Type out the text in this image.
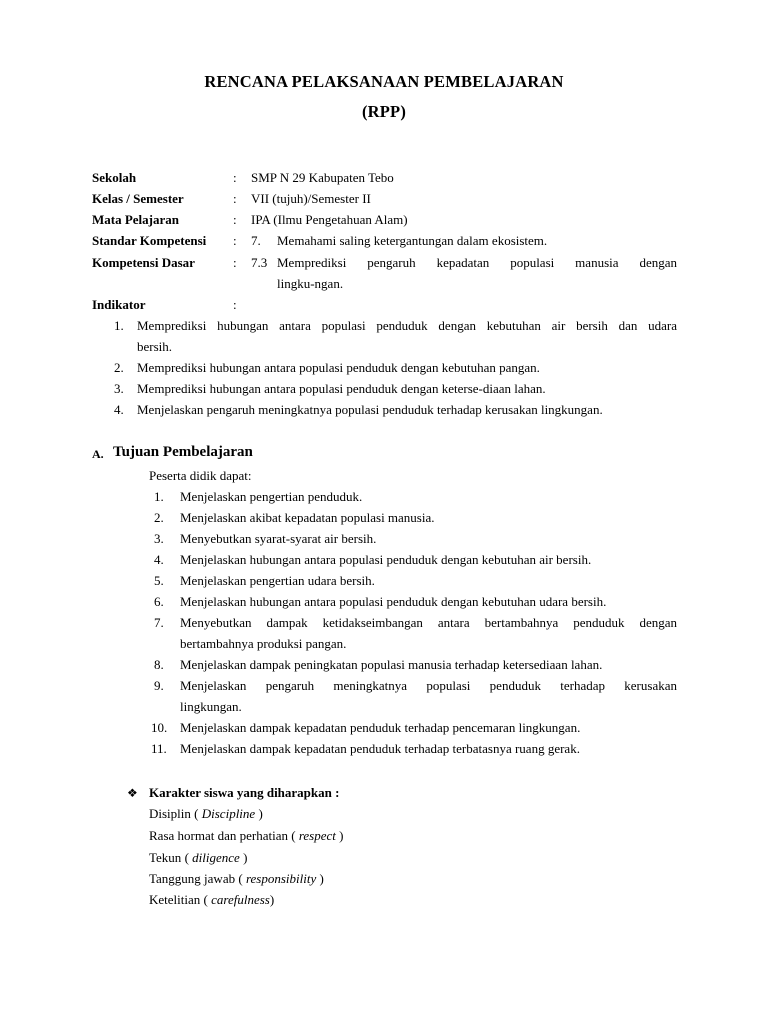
RENCANA PELAKSANAAN PEMBELAJARAN
(RPP)
Sekolah	: SMP N 29 Kabupaten Tebo
Kelas / Semester	: VII (tujuh)/Semester II
Mata Pelajaran	: IPA (Ilmu Pengetahuan Alam)
Standar Kompetensi : 7. Memahami saling ketergantungan dalam ekosistem.
Kompetensi Dasar	: 7.3 Memprediksi pengaruh kepadatan populasi manusia dengan
lingku-ngan.
Indikator	:
1. Memprediksi hubungan antara populasi penduduk dengan kebutuhan air bersih dan udara
bersih.
2. Memprediksi hubungan antara populasi penduduk dengan kebutuhan pangan.
3. Memprediksi hubungan antara populasi penduduk dengan keterse-diaan lahan.
4. Menjelaskan pengaruh meningkatnya populasi penduduk terhadap kerusakan lingkungan.
A. Tujuan Pembelajaran
Peserta didik dapat:
1. Menjelaskan pengertian penduduk.
2. Menjelaskan akibat kepadatan populasi manusia.
3. Menyebutkan syarat-syarat air bersih.
4. Menjelaskan hubungan antara populasi penduduk dengan kebutuhan air bersih.
5. Menjelaskan pengertian udara bersih.
6. Menjelaskan hubungan antara populasi penduduk dengan kebutuhan udara bersih.
7. Menyebutkan dampak ketidakseimbangan antara bertambahnya penduduk dengan
bertambahnya produksi pangan.
8. Menjelaskan dampak peningkatan populasi manusia terhadap ketersediaan lahan.
9. Menjelaskan pengaruh meningkatnya populasi penduduk terhadap kerusakan
lingkungan.
10. Menjelaskan dampak kepadatan penduduk terhadap pencemaran lingkungan.
11. Menjelaskan dampak kepadatan penduduk terhadap terbatasnya ruang gerak.
❖ Karakter siswa yang diharapkan :
Disiplin ( Discipline )
Rasa hormat dan perhatian ( respect )
Tekun ( diligence )
Tanggung jawab ( responsibility )
Ketelitian ( carefulness)
